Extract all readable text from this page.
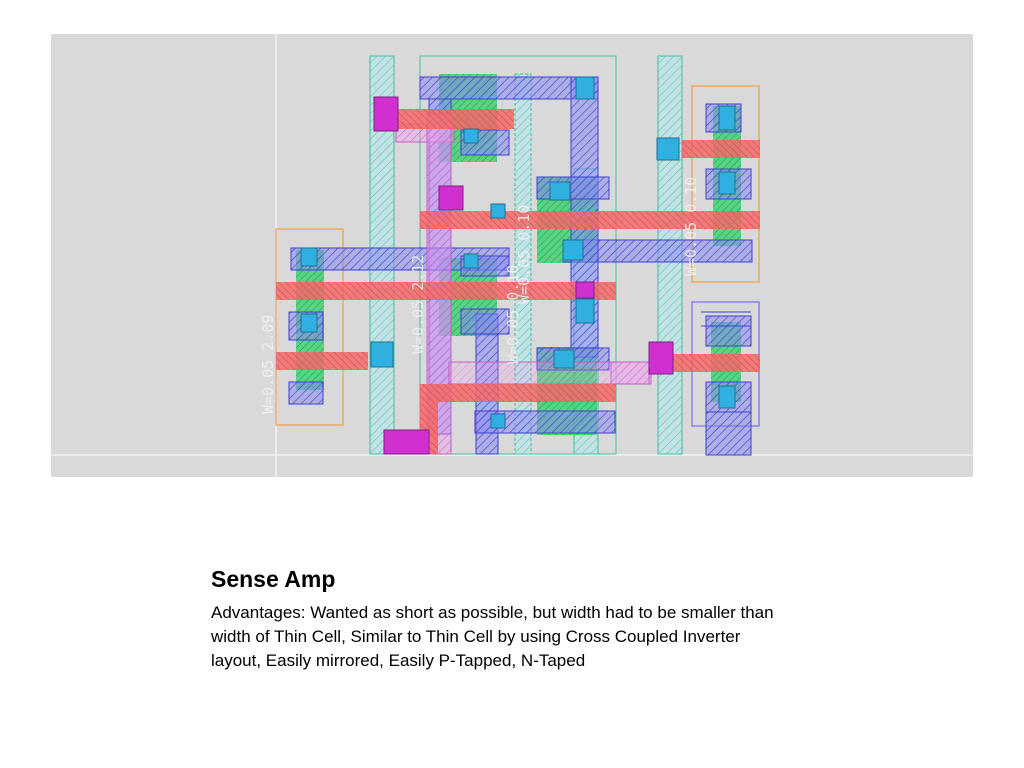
W=0.05 2.09
W=0.05 2.12
W=0.05 0.10	W=0.05 0.10
W=0.05 0.10
Sense Amp

Advantages: Wanted as short as possible, but width had to be smaller than width of Thin Cell, Similar to Thin Cell by using Cross Coupled Inverter layout, Easily mirrored, Easily P-Tapped, N-Taped
